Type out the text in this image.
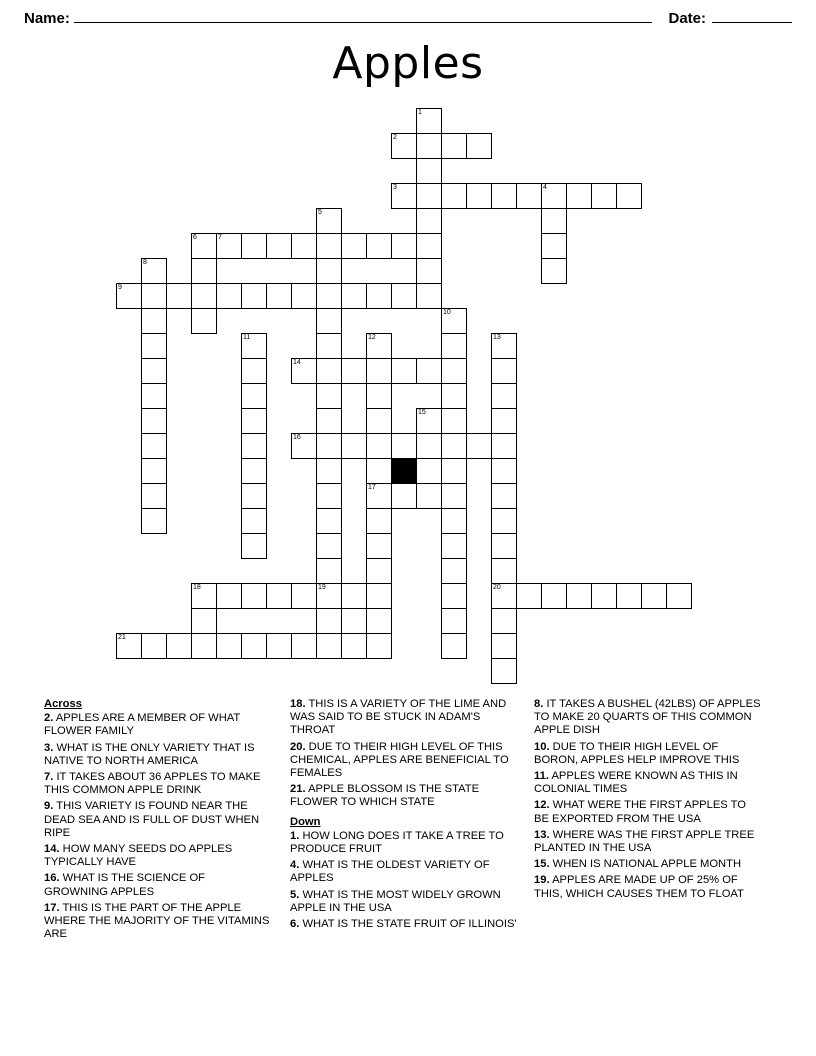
Name:	Date:
Apples
1
2
3	4
5
6	7
8
9
10
11	12	13
14
15
16
17
18	19	20
21
Across
2. APPLES ARE A MEMBER OF WHAT FLOWER FAMILY
3. WHAT IS THE ONLY VARIETY THAT IS NATIVE TO NORTH AMERICA
7. IT TAKES ABOUT 36 APPLES TO MAKE THIS COMMON APPLE DRINK
9. THIS VARIETY IS FOUND NEAR THE DEAD SEA AND IS FULL OF DUST WHEN RIPE
14. HOW MANY SEEDS DO APPLES TYPICALLY HAVE
16. WHAT IS THE SCIENCE OF GROWNING APPLES
17. THIS IS THE PART OF THE APPLE WHERE THE MAJORITY OF THE VITAMINS ARE
18. THIS IS A VARIETY OF THE LIME AND WAS SAID TO BE STUCK IN ADAM'S THROAT
20. DUE TO THEIR HIGH LEVEL OF THIS CHEMICAL, APPLES ARE BENEFICIAL TO FEMALES
21. APPLE BLOSSOM IS THE STATE FLOWER TO WHICH STATE
Down
1. HOW LONG DOES IT TAKE A TREE TO PRODUCE FRUIT
4. WHAT IS THE OLDEST VARIETY OF APPLES
5. WHAT IS THE MOST WIDELY GROWN APPLE IN THE USA
6. WHAT IS THE STATE FRUIT OF ILLINOIS'
8. IT TAKES A BUSHEL (42LBS) OF APPLES TO MAKE 20 QUARTS OF THIS COMMON APPLE DISH
10. DUE TO THEIR HIGH LEVEL OF BORON, APPLES HELP IMPROVE THIS
11. APPLES WERE KNOWN AS THIS IN COLONIAL TIMES
12. WHAT WERE THE FIRST APPLES TO BE EXPORTED FROM THE USA
13. WHERE WAS THE FIRST APPLE TREE PLANTED IN THE USA
15. WHEN IS NATIONAL APPLE MONTH
19. APPLES ARE MADE UP OF 25% OF THIS, WHICH CAUSES THEM TO FLOAT
